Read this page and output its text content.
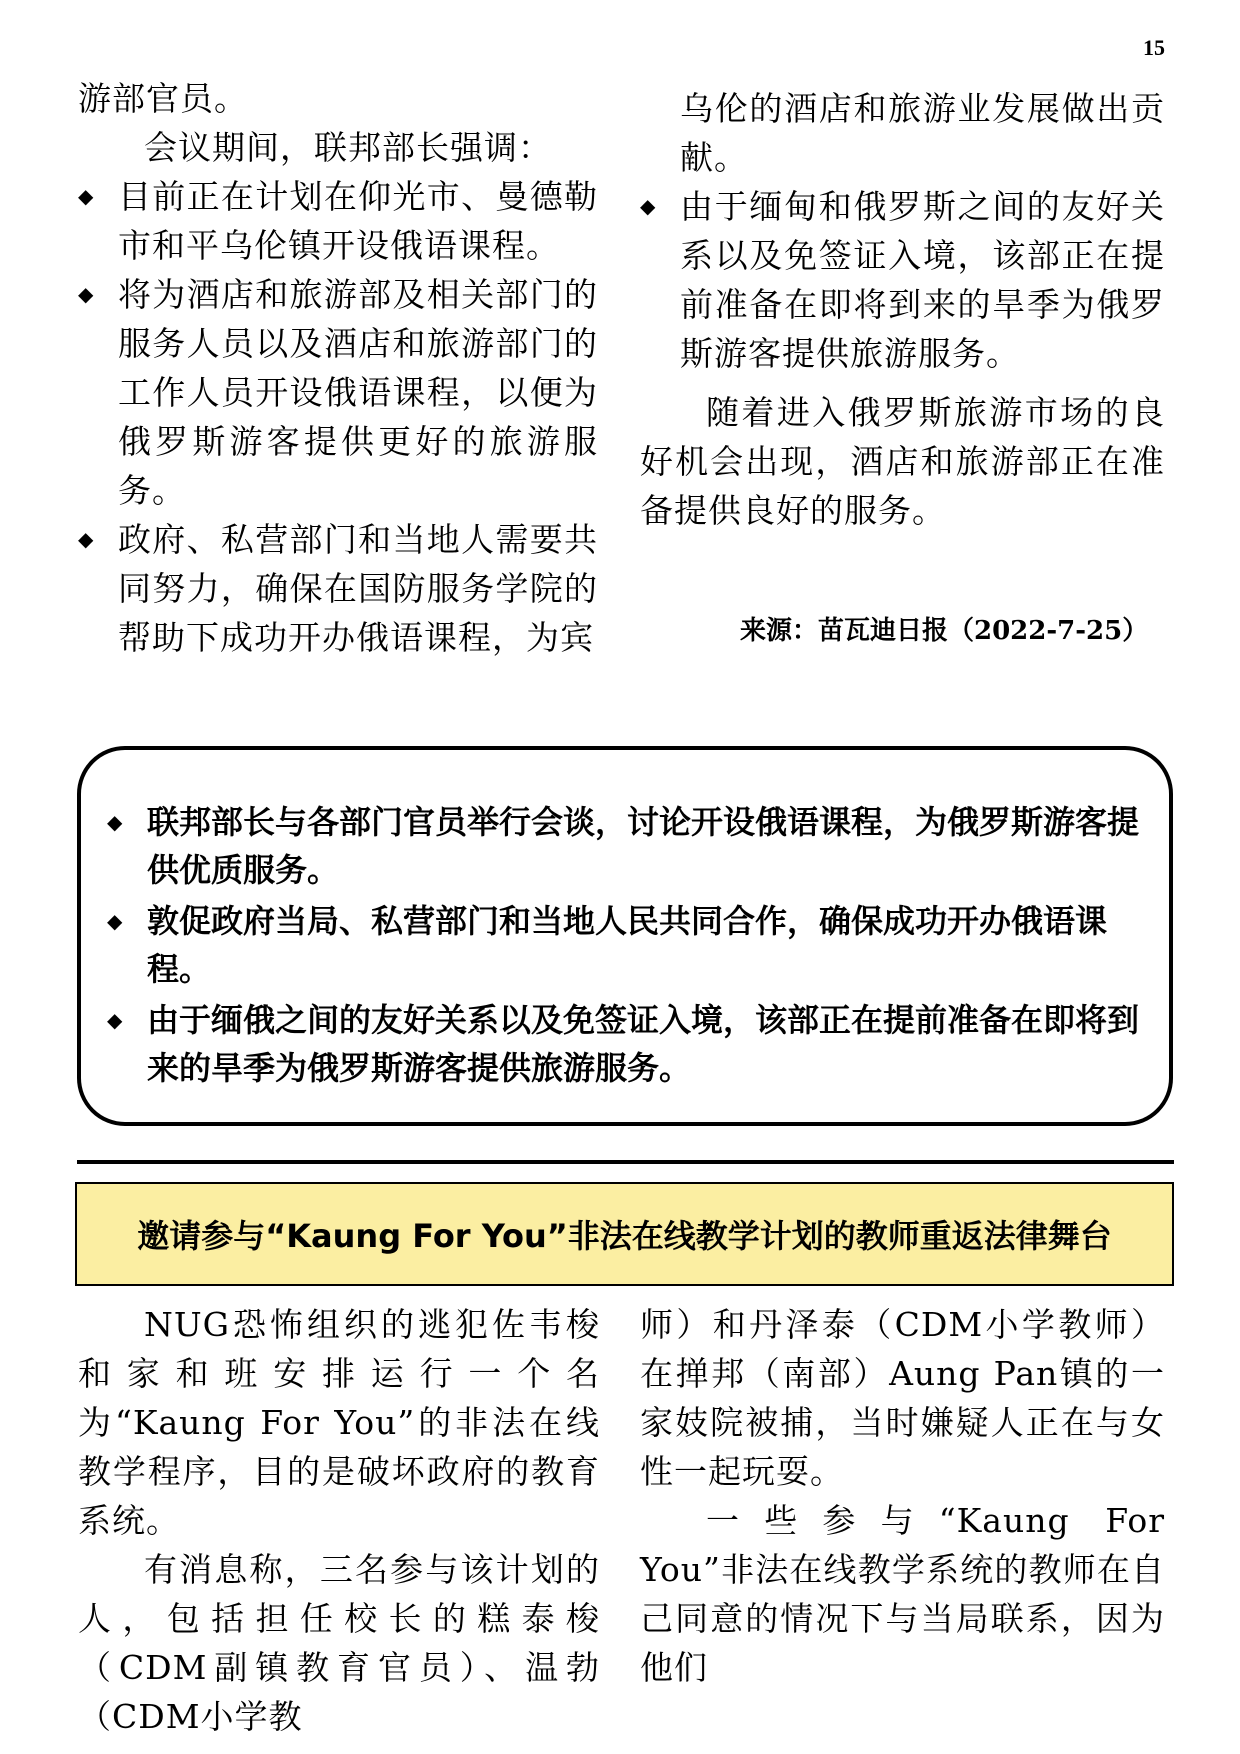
15

游部官员。

会议期间，联邦部长强调：

◆ 目前正在计划在仰光市、曼德勒市和平乌伦镇开设俄语课程。
◆ 将为酒店和旅游部及相关部门的服务人员以及酒店和旅游部门的工作人员开设俄语课程，以便为俄罗斯游客提供更好的旅游服务。
◆ 政府、私营部门和当地人需要共同努力，确保在国防服务学院的帮助下成功开办俄语课程，为宾
乌伦的酒店和旅游业发展做出贡献。
◆ 由于缅甸和俄罗斯之间的友好关系以及免签证入境，该部正在提前准备在即将到来的旱季为俄罗斯游客提供旅游服务。

随着进入俄罗斯旅游市场的良好机会出现，酒店和旅游部正在准备提供良好的服务。

来源：苗瓦迪日报（2022-7-25）
◆ 联邦部长与各部门官员举行会谈，讨论开设俄语课程，为俄罗斯游客提供优质服务。
◆ 敦促政府当局、私营部门和当地人民共同合作，确保成功开办俄语课程。
◆ 由于缅俄之间的友好关系以及免签证入境，该部正在提前准备在即将到来的旱季为俄罗斯游客提供旅游服务。
邀请参与“Kaung For You”非法在线教学计划的教师重返法律舞台

NUG恐怖组织的逃犯佐韦梭和家和班安排运行一个名为“Kaung For You”的非法在线教学程序，目的是破坏政府的教育系统。

有消息称，三名参与该计划的人，包括担任校长的糕泰梭（CDM副镇教育官员）、温勃（CDM小学教

师）和丹泽泰（CDM小学教师）在掸邦（南部）Aung Pan镇的一家妓院被捕，当时嫌疑人正在与女性一起玩耍。

一些参与“Kaung For You”非法在线教学系统的教师在自己同意的情况下与当局联系，因为他们
